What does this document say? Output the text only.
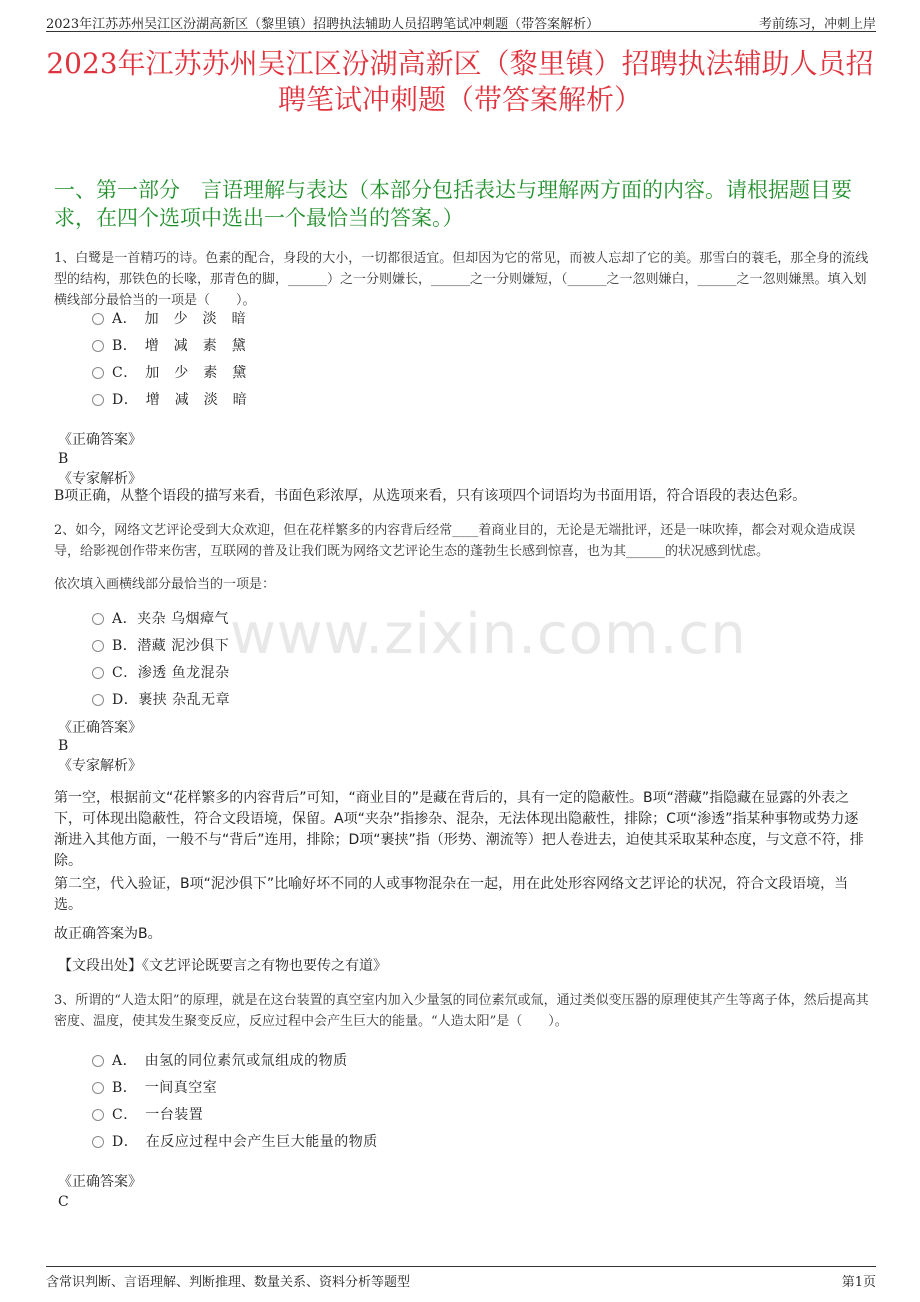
2023年江苏苏州吴江区汾湖高新区（黎里镇）招聘执法辅助人员招聘笔试冲刺题（带答案解析）	考前练习，冲刺上岸
2023年江苏苏州吴江区汾湖高新区（黎里镇）招聘执法辅助人员招聘笔试冲刺题（带答案解析）
一、第一部分　言语理解与表达（本部分包括表达与理解两方面的内容。请根据题目要求，在四个选项中选出一个最恰当的答案。）
www.zixin.com.cn
1、白鹭是一首精巧的诗。色素的配合，身段的大小，一切都很适宜。但却因为它的常见，而被人忘却了它的美。那雪白的蓑毛，那全身的流线型的结构，那铁色的长喙，那青色的脚，______）之一分则嫌长，______之一分则嫌短，（______之一忽则嫌白，______之一忽则嫌黑。填入划横线部分最恰当的一项是（　　）。
A．　加　少　淡　暗
B．　增　减　素　黛
C．　加　少　素　黛
D．　增　减　淡　暗
《正确答案》
B
《专家解析》
B项正确，从整个语段的描写来看，书面色彩浓厚，从选项来看，只有该项四个词语均为书面用语，符合语段的表达色彩。
2、如今，网络文艺评论受到大众欢迎，但在花样繁多的内容背后经常____着商业目的，无论是无端批评，还是一味吹捧，都会对观众造成误导，给影视创作带来伤害，互联网的普及让我们既为网络文艺评论生态的蓬勃生长感到惊喜，也为其______的状况感到忧虑。
依次填入画横线部分最恰当的一项是：
A．夹杂 乌烟瘴气
B．潜藏 泥沙俱下
C．渗透 鱼龙混杂
D．裹挟 杂乱无章
《正确答案》
B
《专家解析》
第一空，根据前文“花样繁多的内容背后”可知，“商业目的”是藏在背后的，具有一定的隐蔽性。B项“潜藏”指隐藏在显露的外表之下，可体现出隐蔽性，符合文段语境，保留。A项“夹杂”指掺杂、混杂，无法体现出隐蔽性，排除；C项“渗透”指某种事物或势力逐渐进入其他方面，一般不与“背后”连用，排除；D项“裹挟”指（形势、潮流等）把人卷进去，迫使其采取某种态度，与文意不符，排除。
第二空，代入验证，B项“泥沙俱下”比喻好坏不同的人或事物混杂在一起，用在此处形容网络文艺评论的状况，符合文段语境，当选。
故正确答案为B。
【文段出处】《文艺评论既要言之有物也要传之有道》
3、所谓的“人造太阳”的原理，就是在这台装置的真空室内加入少量氢的同位素氘或氚，通过类似变压器的原理使其产生等离子体，然后提高其密度、温度，使其发生聚变反应，反应过程中会产生巨大的能量。“人造太阳”是（　　）。
A．　由氢的同位素氘或氚组成的物质
B．　一间真空室
C．　一台装置
D．　在反应过程中会产生巨大能量的物质
《正确答案》
C
含常识判断、言语理解、判断推理、数量关系、资料分析等题型	第1页
